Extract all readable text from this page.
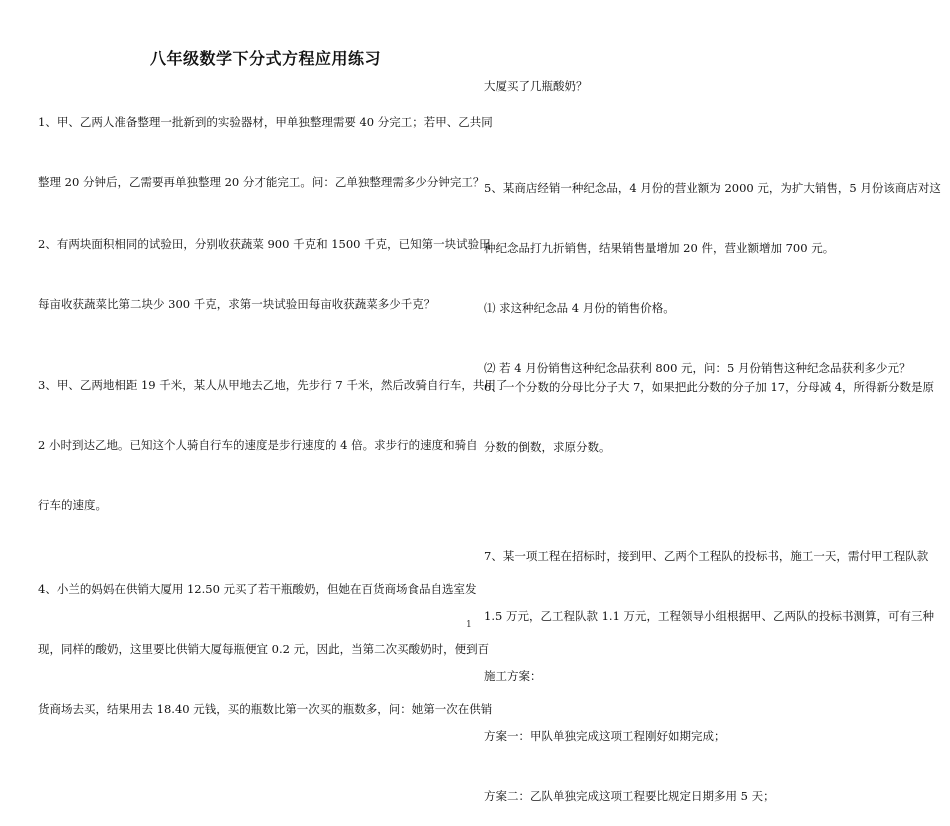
八年级数学下分式方程应用练习

1、甲、乙两人准备整理一批新到的实验器材，甲单独整理需要 40 分完工；若甲、乙共同

整理 20 分钟后，乙需要再单独整理 20 分才能完工。问：乙单独整理需多少分钟完工？

2、有两块面积相同的试验田，分别收获蔬菜 900 千克和 1500 千克，已知第一块试验田

每亩收获蔬菜比第二块少 300 千克，求第一块试验田每亩收获蔬菜多少千克？

3、甲、乙两地相距 19 千米，某人从甲地去乙地，先步行 7 千米，然后改骑自行车，共用了

2 小时到达乙地。已知这个人骑自行车的速度是步行速度的 4 倍。求步行的速度和骑自

行车的速度。

4、小兰的妈妈在供销大厦用 12.50 元买了若干瓶酸奶，但她在百货商场食品自选室发

现，同样的酸奶，这里要比供销大厦每瓶便宜 0.2 元，因此，当第二次买酸奶时，便到百

货商场去买，结果用去 18.40 元钱，买的瓶数比第一次买的瓶数多，问：她第一次在供销

大厦买了几瓶酸奶？

5、某商店经销一种纪念品，4 月份的营业额为 2000 元，为扩大销售，5 月份该商店对这

种纪念品打九折销售，结果销售量增加 20 件，营业额增加 700 元。

⑴ 求这种纪念品 4 月份的销售价格。

⑵ 若 4 月份销售这种纪念品获利 800 元，问：5 月份销售这种纪念品获利多少元？

6、一个分数的分母比分子大 7，如果把此分数的分子加 17，分母减 4，所得新分数是原

分数的倒数，求原分数。

7、某一项工程在招标时，接到甲、乙两个工程队的投标书，施工一天，需付甲工程队款

1.5 万元，乙工程队款 1.1 万元，工程领导小组根据甲、乙两队的投标书测算，可有三种

施工方案：

方案一：甲队单独完成这项工程刚好如期完成；

方案二：乙队单独完成这项工程要比规定日期多用 5 天；

1
